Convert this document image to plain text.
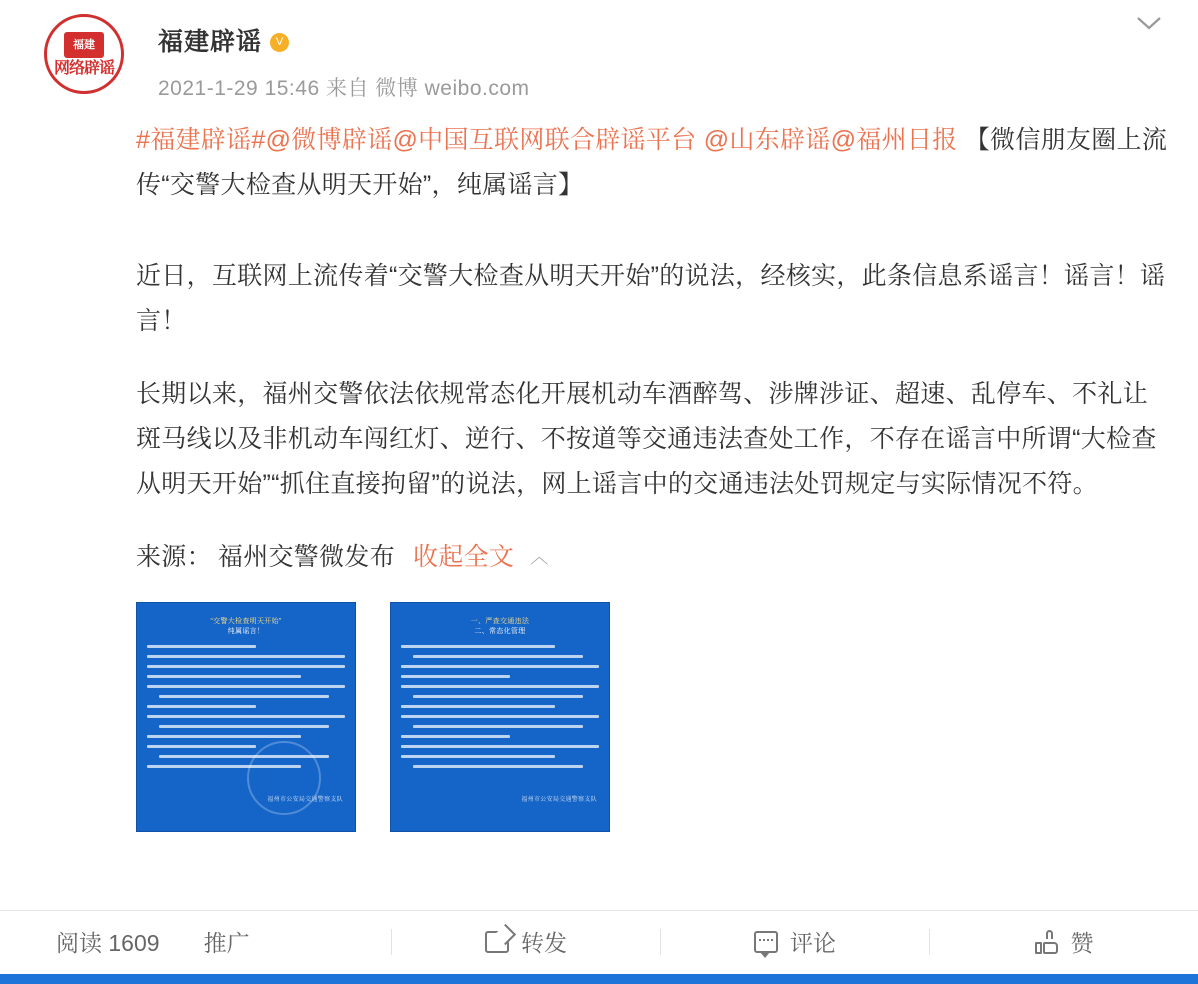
福建
网络辟谣
福建辟谣	V
2021-1-29 15:46 来自 微博 weibo.com

#福建辟谣#@微博辟谣@中国互联网联合辟谣平台 @山东辟谣@福州日报 【微信朋友圈上流传“交警大检查从明天开始”，纯属谣言】

近日，互联网上流传着“交警大检查从明天开始”的说法，经核实，此条信息系谣言！谣言！谣言！

长期以来，福州交警依法依规常态化开展机动车酒醉驾、涉牌涉证、超速、乱停车、不礼让斑马线以及非机动车闯红灯、逆行、不按道等交通违法查处工作，不存在谣言中所谓“大检查从明天开始”“抓住直接拘留”的说法，网上谣言中的交通违法处罚规定与实际情况不符。

来源： 福州交警微发布 收起全文 ︿
“交警大检查明天开始”
纯属谣言！
福州市公安局交通警察支队
一、严查交通违法
二、常态化管理
福州市公安局交通警察支队
阅读 1609 推广	转发	评论	赞
